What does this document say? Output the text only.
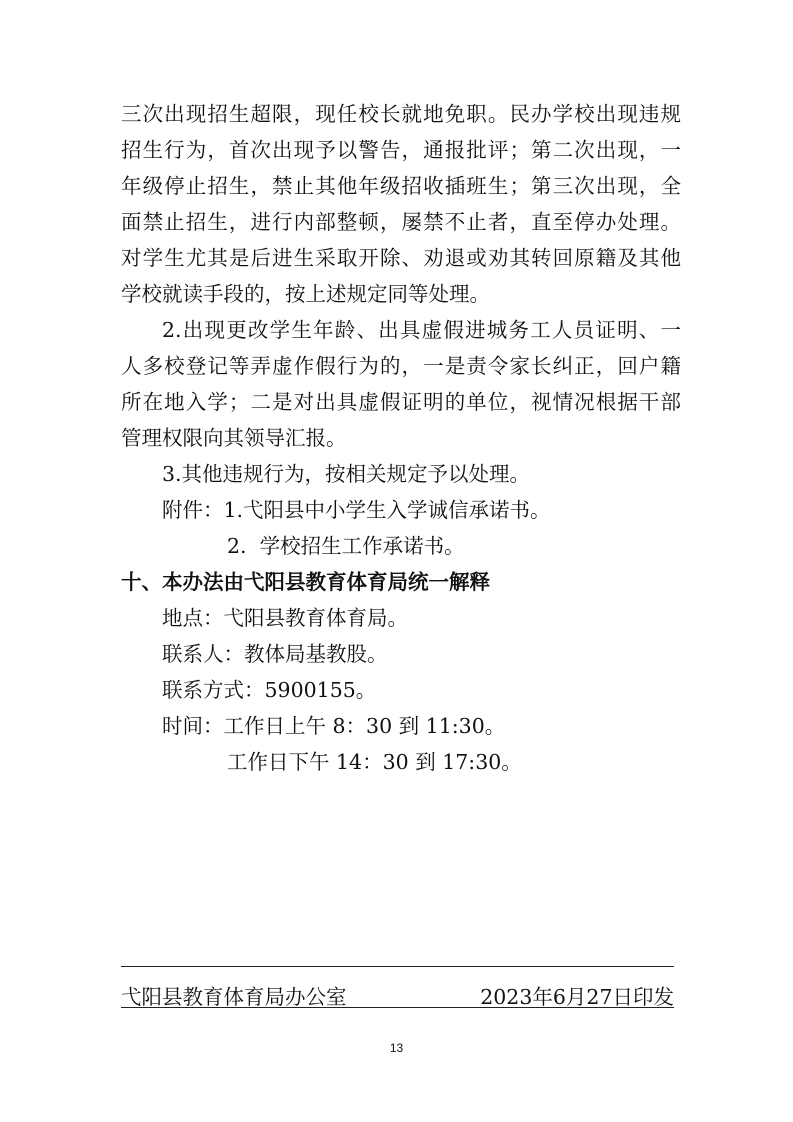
三次出现招生超限，现任校长就地免职。民办学校出现违规
招生行为，首次出现予以警告，通报批评；第二次出现，一
年级停止招生，禁止其他年级招收插班生；第三次出现，全
面禁止招生，进行内部整顿，屡禁不止者，直至停办处理。
对学生尤其是后进生采取开除、劝退或劝其转回原籍及其他
学校就读手段的，按上述规定同等处理。
2.出现更改学生年龄、出具虚假进城务工人员证明、一
人多校登记等弄虚作假行为的，一是责令家长纠正，回户籍
所在地入学；二是对出具虚假证明的单位，视情况根据干部
管理权限向其领导汇报。
3.其他违规行为，按相关规定予以处理。
附件：1.弋阳县中小学生入学诚信承诺书。
2.  学校招生工作承诺书。
十、本办法由弋阳县教育体育局统一解释
地点：弋阳县教育体育局。
联系人：教体局基教股。
联系方式：5900155。
时间：工作日上午 8：30 到 11:30。
工作日下午 14：30 到 17:30。
弋阳县教育体育局办公室	2023年6月27日印发
13
